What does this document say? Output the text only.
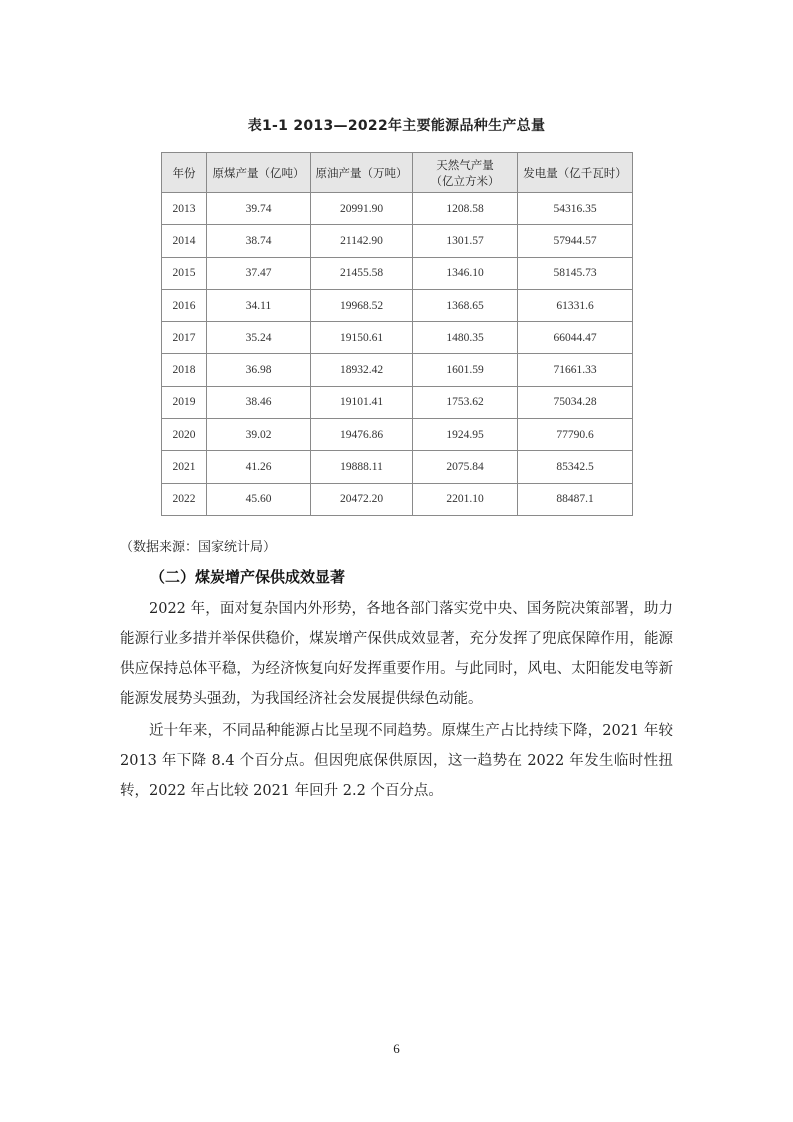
表1-1 2013—2022年主要能源品种生产总量
年份	原煤产量（亿吨）	原油产量（万吨）	天然气产量
（亿立方米）	发电量（亿千瓦时）
2013	39.74	20991.90	1208.58	54316.35
2014	38.74	21142.90	1301.57	57944.57
2015	37.47	21455.58	1346.10	58145.73
2016	34.11	19968.52	1368.65	61331.6
2017	35.24	19150.61	1480.35	66044.47
2018	36.98	18932.42	1601.59	71661.33
2019	38.46	19101.41	1753.62	75034.28
2020	39.02	19476.86	1924.95	77790.6
2021	41.26	19888.11	2075.84	85342.5
2022	45.60	20472.20	2201.10	88487.1
（数据来源：国家统计局）
（二）煤炭增产保供成效显著

2022 年，面对复杂国内外形势，各地各部门落实党中央、国务院决策部署，助力能源行业多措并举保供稳价，煤炭增产保供成效显著，充分发挥了兜底保障作用，能源供应保持总体平稳，为经济恢复向好发挥重要作用。与此同时，风电、太阳能发电等新能源发展势头强劲，为我国经济社会发展提供绿色动能。

近十年来，不同品种能源占比呈现不同趋势。原煤生产占比持续下降，2021 年较 2013 年下降 8.4 个百分点。但因兜底保供原因，这一趋势在 2022 年发生临时性扭转，2022 年占比较 2021 年回升 2.2 个百分点。

6
